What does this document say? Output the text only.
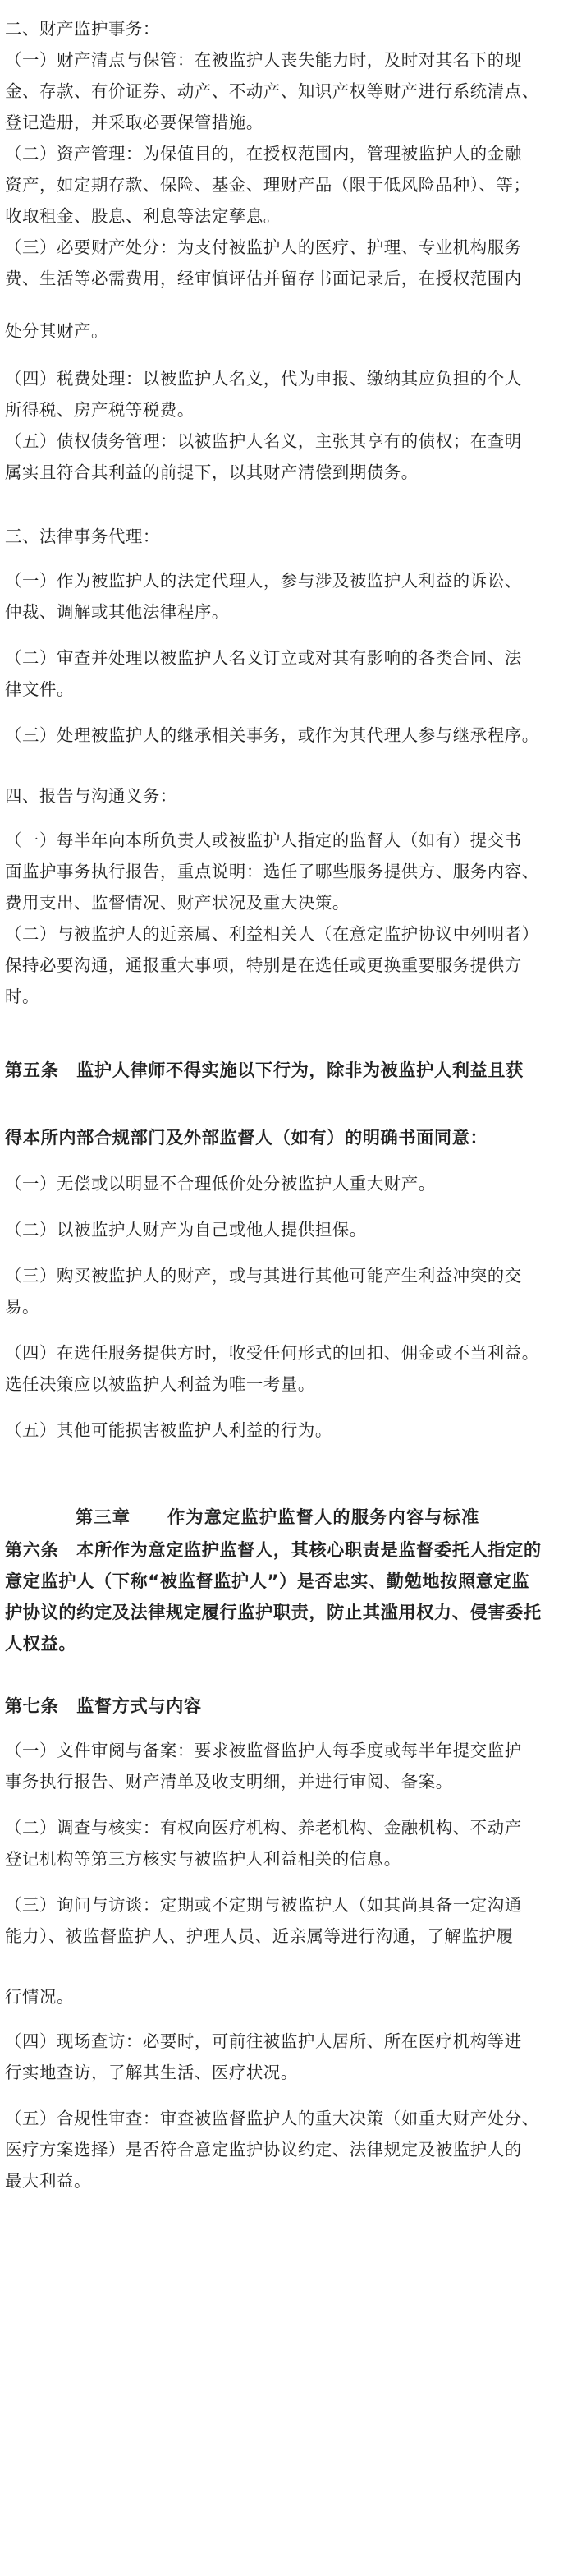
二、财产监护事务：
（一）财产清点与保管：在被监护人丧失能力时，及时对其名下的现
金、存款、有价证券、动产、不动产、知识产权等财产进行系统清点、
登记造册，并采取必要保管措施。
（二）资产管理：为保值目的，在授权范围内，管理被监护人的金融
资产，如定期存款、保险、基金、理财产品（限于低风险品种）、等；
收取租金、股息、利息等法定孳息。
（三）必要财产处分：为支付被监护人的医疗、护理、专业机构服务
费、生活等必需费用，经审慎评估并留存书面记录后，在授权范围内
处分其财产。
（四）税费处理：以被监护人名义，代为申报、缴纳其应负担的个人
所得税、房产税等税费。
（五）债权债务管理：以被监护人名义，主张其享有的债权；在查明
属实且符合其利益的前提下，以其财产清偿到期债务。
三、法律事务代理：
（一）作为被监护人的法定代理人，参与涉及被监护人利益的诉讼、
仲裁、调解或其他法律程序。
（二）审查并处理以被监护人名义订立或对其有影响的各类合同、法
律文件。
（三）处理被监护人的继承相关事务，或作为其代理人参与继承程序。
四、报告与沟通义务：
（一）每半年向本所负责人或被监护人指定的监督人（如有）提交书
面监护事务执行报告，重点说明：选任了哪些服务提供方、服务内容、
费用支出、监督情况、财产状况及重大决策。
（二）与被监护人的近亲属、利益相关人（在意定监护协议中列明者）
保持必要沟通，通报重大事项，特别是在选任或更换重要服务提供方
时。
第五条　监护人律师不得实施以下行为，除非为被监护人利益且获
得本所内部合规部门及外部监督人（如有）的明确书面同意：
（一）无偿或以明显不合理低价处分被监护人重大财产。
（二）以被监护人财产为自己或他人提供担保。
（三）购买被监护人的财产，或与其进行其他可能产生利益冲突的交
易。
（四）在选任服务提供方时，收受任何形式的回扣、佣金或不当利益。
选任决策应以被监护人利益为唯一考量。
（五）其他可能损害被监护人利益的行为。
第三章　　作为意定监护监督人的服务内容与标准
第六条　本所作为意定监护监督人，其核心职责是监督委托人指定的
意定监护人（下称“被监督监护人”）是否忠实、勤勉地按照意定监
护协议的约定及法律规定履行监护职责，防止其滥用权力、侵害委托
人权益。
第七条　监督方式与内容
（一）文件审阅与备案：要求被监督监护人每季度或每半年提交监护
事务执行报告、财产清单及收支明细，并进行审阅、备案。
（二）调查与核实：有权向医疗机构、养老机构、金融机构、不动产
登记机构等第三方核实与被监护人利益相关的信息。
（三）询问与访谈：定期或不定期与被监护人（如其尚具备一定沟通
能力）、被监督监护人、护理人员、近亲属等进行沟通，了解监护履
行情况。
（四）现场查访：必要时，可前往被监护人居所、所在医疗机构等进
行实地查访，了解其生活、医疗状况。
（五）合规性审查：审查被监督监护人的重大决策（如重大财产处分、
医疗方案选择）是否符合意定监护协议约定、法律规定及被监护人的
最大利益。
